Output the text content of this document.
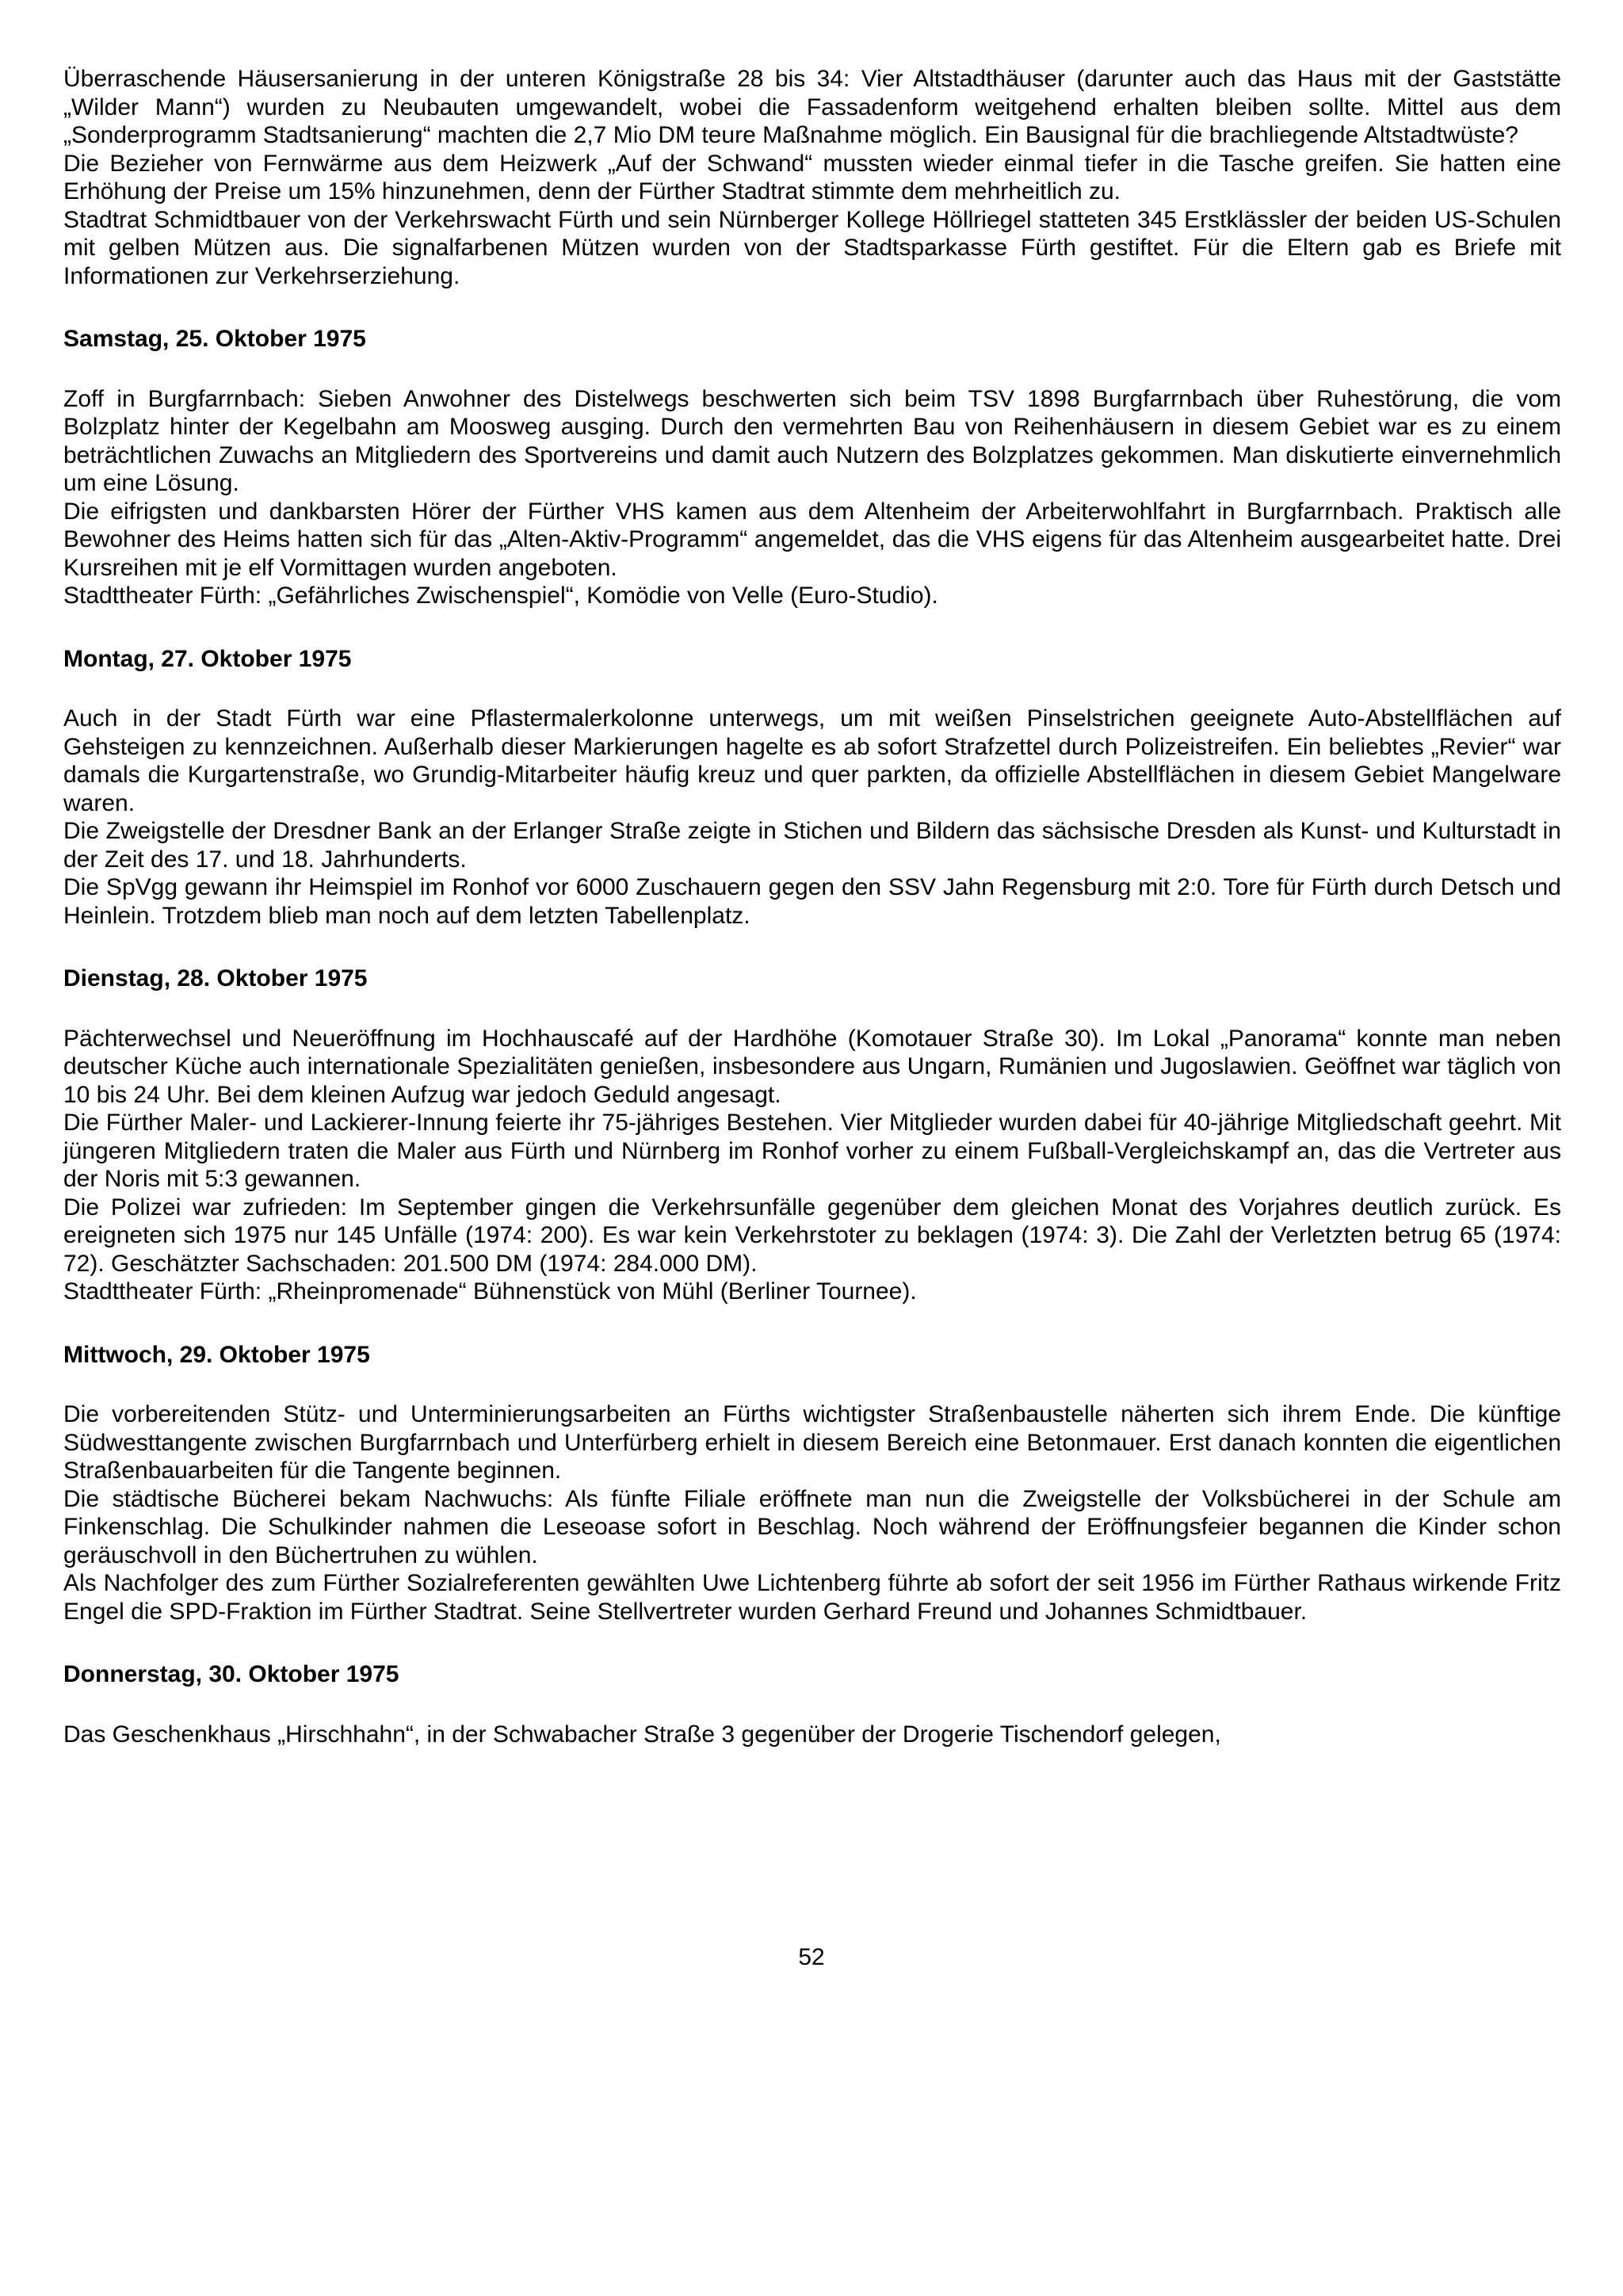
Überraschende Häusersanierung in der unteren Königstraße 28 bis 34: Vier Altstadthäuser (darunter auch das Haus mit der Gaststätte „Wilder Mann“) wurden zu Neubauten umgewandelt, wobei die Fassadenform weitgehend erhalten bleiben sollte. Mittel aus dem „Sonderprogramm Stadtsanierung“ machten die 2,7 Mio DM teure Maßnahme möglich. Ein Bausignal für die brachliegende Altstadtwüste?

Die Bezieher von Fernwärme aus dem Heizwerk „Auf der Schwand“ mussten wieder einmal tiefer in die Tasche greifen. Sie hatten eine Erhöhung der Preise um 15% hinzunehmen, denn der Fürther Stadtrat stimmte dem mehrheitlich zu.

Stadtrat Schmidtbauer von der Verkehrswacht Fürth und sein Nürnberger Kollege Höllriegel statteten 345 Erstklässler der beiden US-Schulen mit gelben Mützen aus. Die signalfarbenen Mützen wurden von der Stadtsparkasse Fürth gestiftet. Für die Eltern gab es Briefe mit Informationen zur Verkehrserziehung.

Samstag, 25. Oktober 1975

Zoff in Burgfarrnbach: Sieben Anwohner des Distelwegs beschwerten sich beim TSV 1898 Burgfarrnbach über Ruhestörung, die vom Bolzplatz hinter der Kegelbahn am Moosweg ausging. Durch den vermehrten Bau von Reihenhäusern in diesem Gebiet war es zu einem beträchtlichen Zuwachs an Mitgliedern des Sportvereins und damit auch Nutzern des Bolzplatzes gekommen. Man diskutierte einvernehmlich um eine Lösung.

Die eifrigsten und dankbarsten Hörer der Fürther VHS kamen aus dem Altenheim der Arbeiterwohlfahrt in Burgfarrnbach. Praktisch alle Bewohner des Heims hatten sich für das „Alten-Aktiv-Programm“ angemeldet, das die VHS eigens für das Altenheim ausgearbeitet hatte. Drei Kursreihen mit je elf Vormittagen wurden angeboten.

Stadttheater Fürth: „Gefährliches Zwischenspiel“, Komödie von Velle (Euro-Studio).

Montag, 27. Oktober 1975

Auch in der Stadt Fürth war eine Pflastermalerkolonne unterwegs, um mit weißen Pinselstrichen geeignete Auto-Abstellflächen auf Gehsteigen zu kennzeichnen. Außerhalb dieser Markierungen hagelte es ab sofort Strafzettel durch Polizeistreifen. Ein beliebtes „Revier“ war damals die Kurgartenstraße, wo Grundig-Mitarbeiter häufig kreuz und quer parkten, da offizielle Abstellflächen in diesem Gebiet Mangelware waren.

Die Zweigstelle der Dresdner Bank an der Erlanger Straße zeigte in Stichen und Bildern das sächsische Dresden als Kunst- und Kulturstadt in der Zeit des 17. und 18. Jahrhunderts.

Die SpVgg gewann ihr Heimspiel im Ronhof vor 6000 Zuschauern gegen den SSV Jahn Regensburg mit 2:0. Tore für Fürth durch Detsch und Heinlein. Trotzdem blieb man noch auf dem letzten Tabellenplatz.

Dienstag, 28. Oktober 1975

Pächterwechsel und Neueröffnung im Hochhauscafé auf der Hardhöhe (Komotauer Straße 30). Im Lokal „Panorama“ konnte man neben deutscher Küche auch internationale Spezialitäten genießen, insbesondere aus Ungarn, Rumänien und Jugoslawien. Geöffnet war täglich von 10 bis 24 Uhr. Bei dem kleinen Aufzug war jedoch Geduld angesagt.

Die Fürther Maler- und Lackierer-Innung feierte ihr 75-jähriges Bestehen. Vier Mitglieder wurden dabei für 40-jährige Mitgliedschaft geehrt. Mit jüngeren Mitgliedern traten die Maler aus Fürth und Nürnberg im Ronhof vorher zu einem Fußball-Vergleichskampf an, das die Vertreter aus der Noris mit 5:3 gewannen.

Die Polizei war zufrieden: Im September gingen die Verkehrsunfälle gegenüber dem gleichen Monat des Vorjahres deutlich zurück. Es ereigneten sich 1975 nur 145 Unfälle (1974: 200). Es war kein Verkehrstoter zu beklagen (1974: 3). Die Zahl der Verletzten betrug 65 (1974: 72). Geschätzter Sachschaden: 201.500 DM (1974: 284.000 DM).

Stadttheater Fürth: „Rheinpromenade“ Bühnenstück von Mühl (Berliner Tournee).

Mittwoch, 29. Oktober 1975

Die vorbereitenden Stütz- und Unterminierungsarbeiten an Fürths wichtigster Straßenbaustelle näherten sich ihrem Ende. Die künftige Südwesttangente zwischen Burgfarrnbach und Unterfürberg erhielt in diesem Bereich eine Betonmauer. Erst danach konnten die eigentlichen Straßenbauarbeiten für die Tangente beginnen.

Die städtische Bücherei bekam Nachwuchs: Als fünfte Filiale eröffnete man nun die Zweigstelle der Volksbücherei in der Schule am Finkenschlag. Die Schulkinder nahmen die Leseoase sofort in Beschlag. Noch während der Eröffnungsfeier begannen die Kinder schon geräuschvoll in den Büchertruhen zu wühlen.

Als Nachfolger des zum Fürther Sozialreferenten gewählten Uwe Lichtenberg führte ab sofort der seit 1956 im Fürther Rathaus wirkende Fritz Engel die SPD-Fraktion im Fürther Stadtrat. Seine Stellvertreter wurden Gerhard Freund und Johannes Schmidtbauer.

Donnerstag, 30. Oktober 1975

Das Geschenkhaus „Hirschhahn“, in der Schwabacher Straße 3 gegenüber der Drogerie Tischendorf gelegen,

52
